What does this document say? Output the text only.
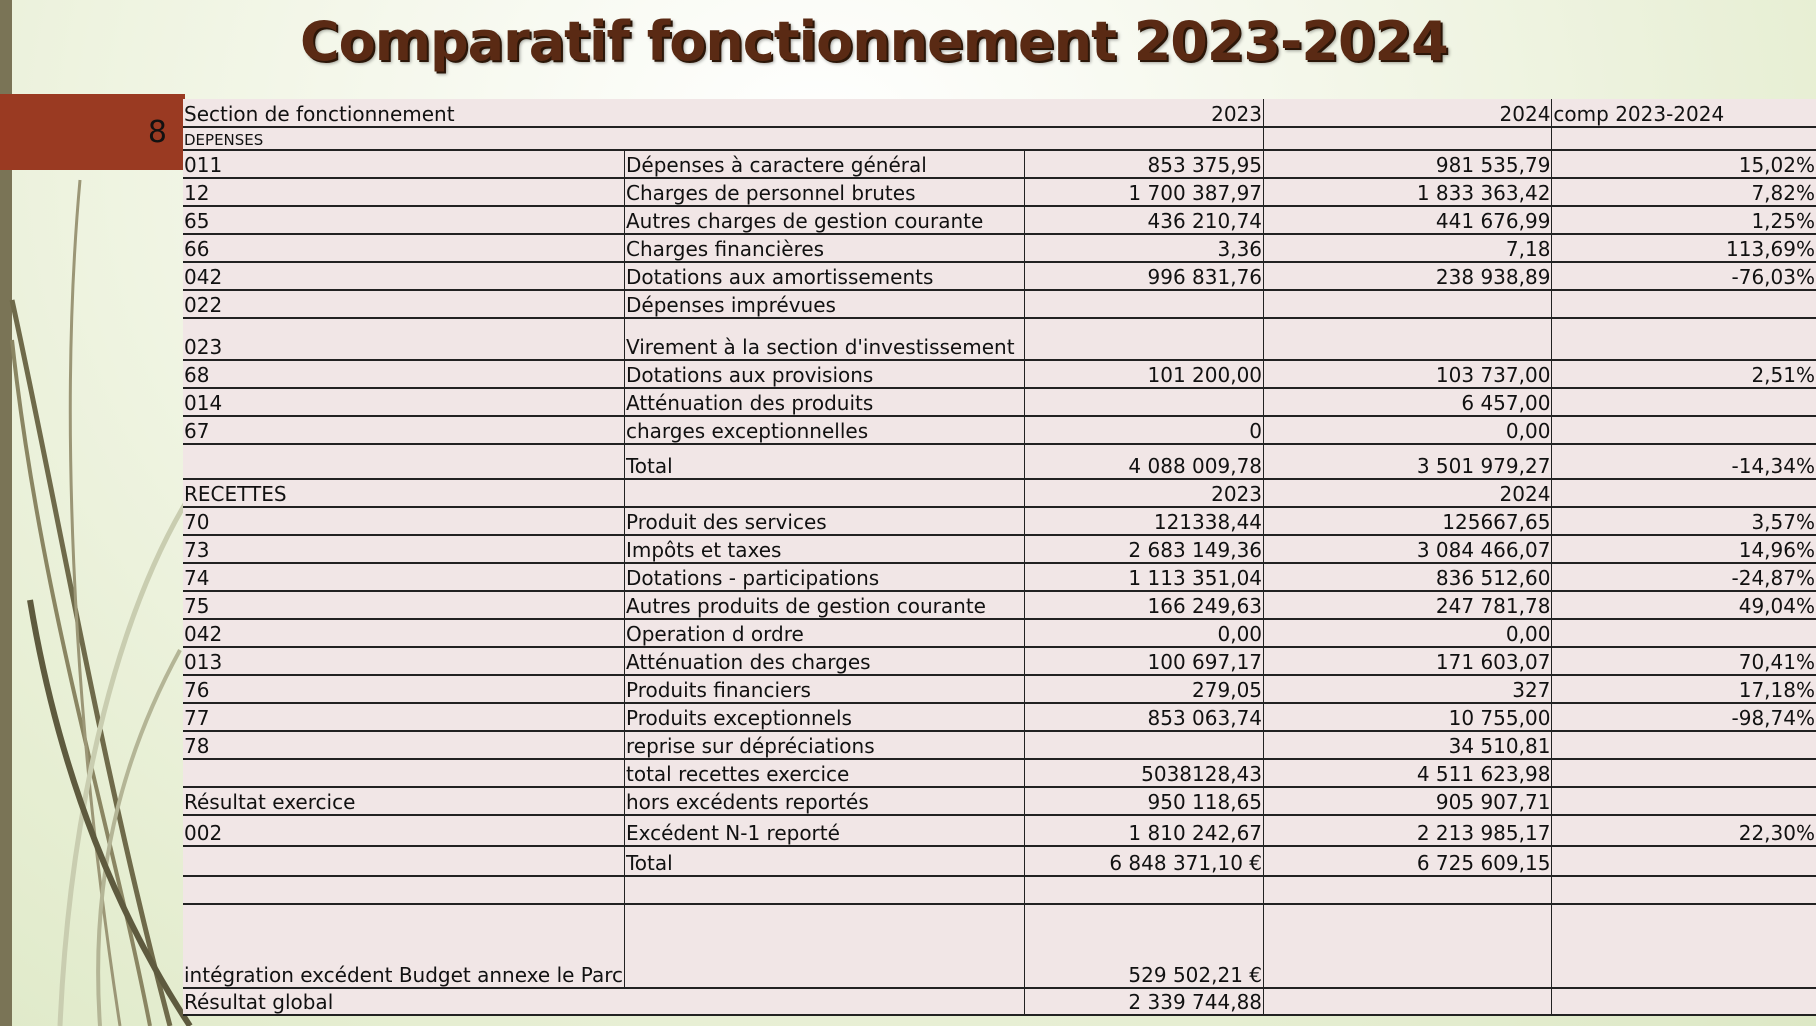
8
Comparatif fonctionnement 2023-2024
Section de fonctionnement		2023	2024	comp 2023-2024
DEPENSES				
011	Dépenses à caractere général	853 375,95	981 535,79	15,02%
12	Charges de personnel brutes	1 700 387,97	1 833 363,42	7,82%
65	Autres charges de gestion courante	436 210,74	441 676,99	1,25%
66	Charges financières	3,36	7,18	113,69%
042	Dotations aux amortissements	996 831,76	238 938,89	-76,03%
022	Dépenses imprévues			
023	Virement à la section d'investissement			
68	Dotations aux provisions	101 200,00	103 737,00	2,51%
014	Atténuation des produits		6 457,00	
67	charges exceptionnelles	0	0,00	
	Total	4 088 009,78	3 501 979,27	-14,34%
RECETTES		2023	2024	
70	Produit des services	121338,44	125667,65	3,57%
73	Impôts et taxes	2 683 149,36	3 084 466,07	14,96%
74	Dotations - participations	1 113 351,04	836 512,60	-24,87%
75	Autres produits de gestion courante	166 249,63	247 781,78	49,04%
042	Operation d ordre	0,00	0,00	
013	Atténuation des charges	100 697,17	171 603,07	70,41%
76	Produits financiers	279,05	327	17,18%
77	Produits exceptionnels	853 063,74	10 755,00	-98,74%
78	reprise sur dépréciations		34 510,81	
	total recettes exercice	5038128,43	4 511 623,98	
Résultat exercice	hors excédents reportés	950 118,65	905 907,71	
002	Excédent N-1 reporté	1 810 242,67	2 213 985,17	22,30%
	Total	6 848 371,10 €	6 725 609,15	

intégration excédent Budget annexe le Parc		529 502,21 €		
Résultat global		2 339 744,88		
